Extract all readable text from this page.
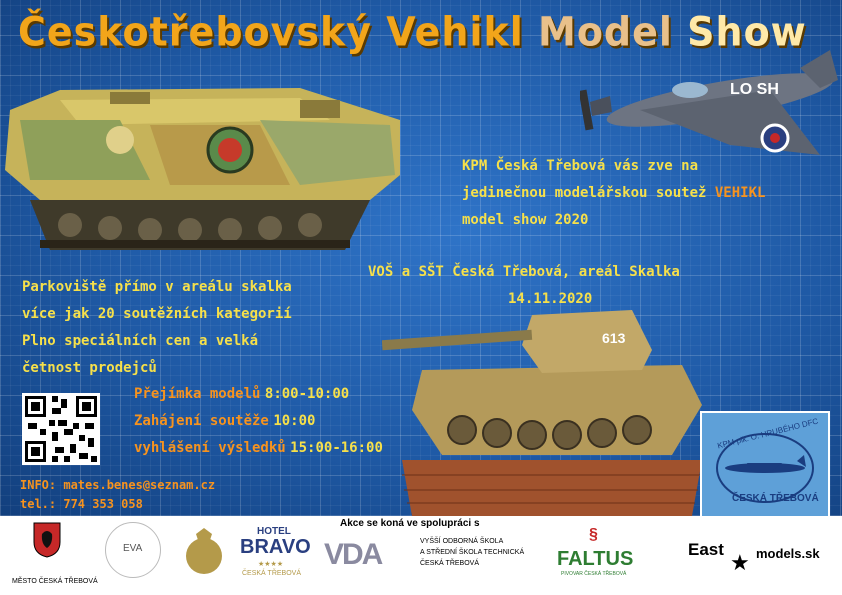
Českotřebovský Vehikl Model Show
LO SH
KPM Česká Třebová vás zve na
jedinečnou modelářskou soutež VEHIKL
model show 2020
VOŠ a SŠT Česká Třebová, areál Skalka
14.11.2020
Parkoviště přímo v areálu skalka
více jak 20 soutěžních kategorií
Plno speciálních cen a velká
četnost prodejců
Přejímka modelů 8:00-10:00
Zahájení soutěže 10:00
vyhlášení výsledků 15:00-16:00
INFO: mates.benes@seznam.cz
tel.: 774 353 058
613
KPM plk. O. HRUBÉHO DFC
ČESKÁ TŘEBOVÁ
Akce se koná ve spolupráci s
MĚSTO ČESKÁ TŘEBOVÁ
EVA
HOTEL
BRAVO
★★★★
ČESKÁ TŘEBOVÁ
VDA	VYŠŠÍ ODBORNÁ ŠKOLA
A STŘEDNÍ ŠKOLA TECHNICKÁ
ČESKÁ TŘEBOVÁ
§
FALTUS
PIVOVAR ČESKÁ TŘEBOVÁ
East
★ models.sk
